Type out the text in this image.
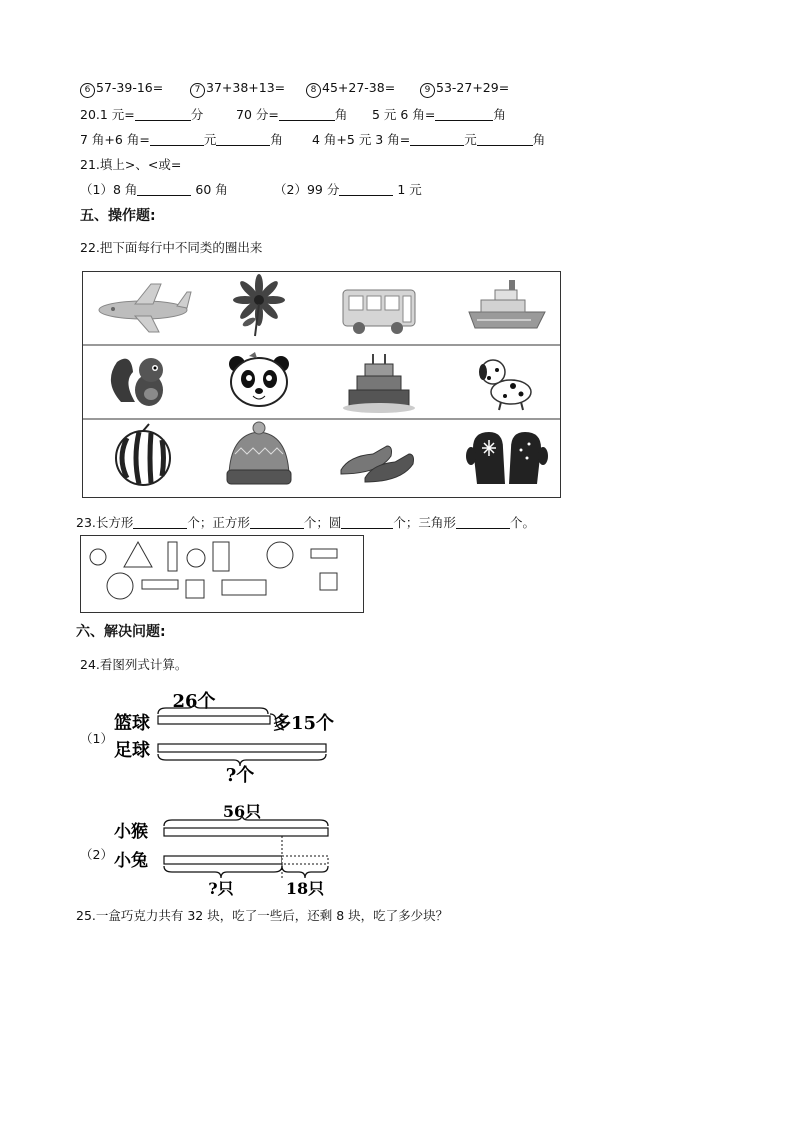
6 57-39-16=	7 37+38+13=	8 45+27-38=	9 53-27+29=
20.1 元=	分	70 分=	角 5 元 6 角=	角
7 角+6 角=	元	角 4 角+5 元 3 角=	元	角
21.填上>、<或=
（1）8 角	60 角	（2）99 分	1 元
五、操作题:
22.把下面每行中不同类的圈出来
23.长方形	个；正方形	个；圆	个；三角形	个。
六、解决问题:
24.看图列式计算。
（1）
26个
篮球	多15个
足球
?个
（2）
56只
小猴
小兔
?只	18只
25.一盒巧克力共有 32 块，吃了一些后，还剩 8 块，吃了多少块？
